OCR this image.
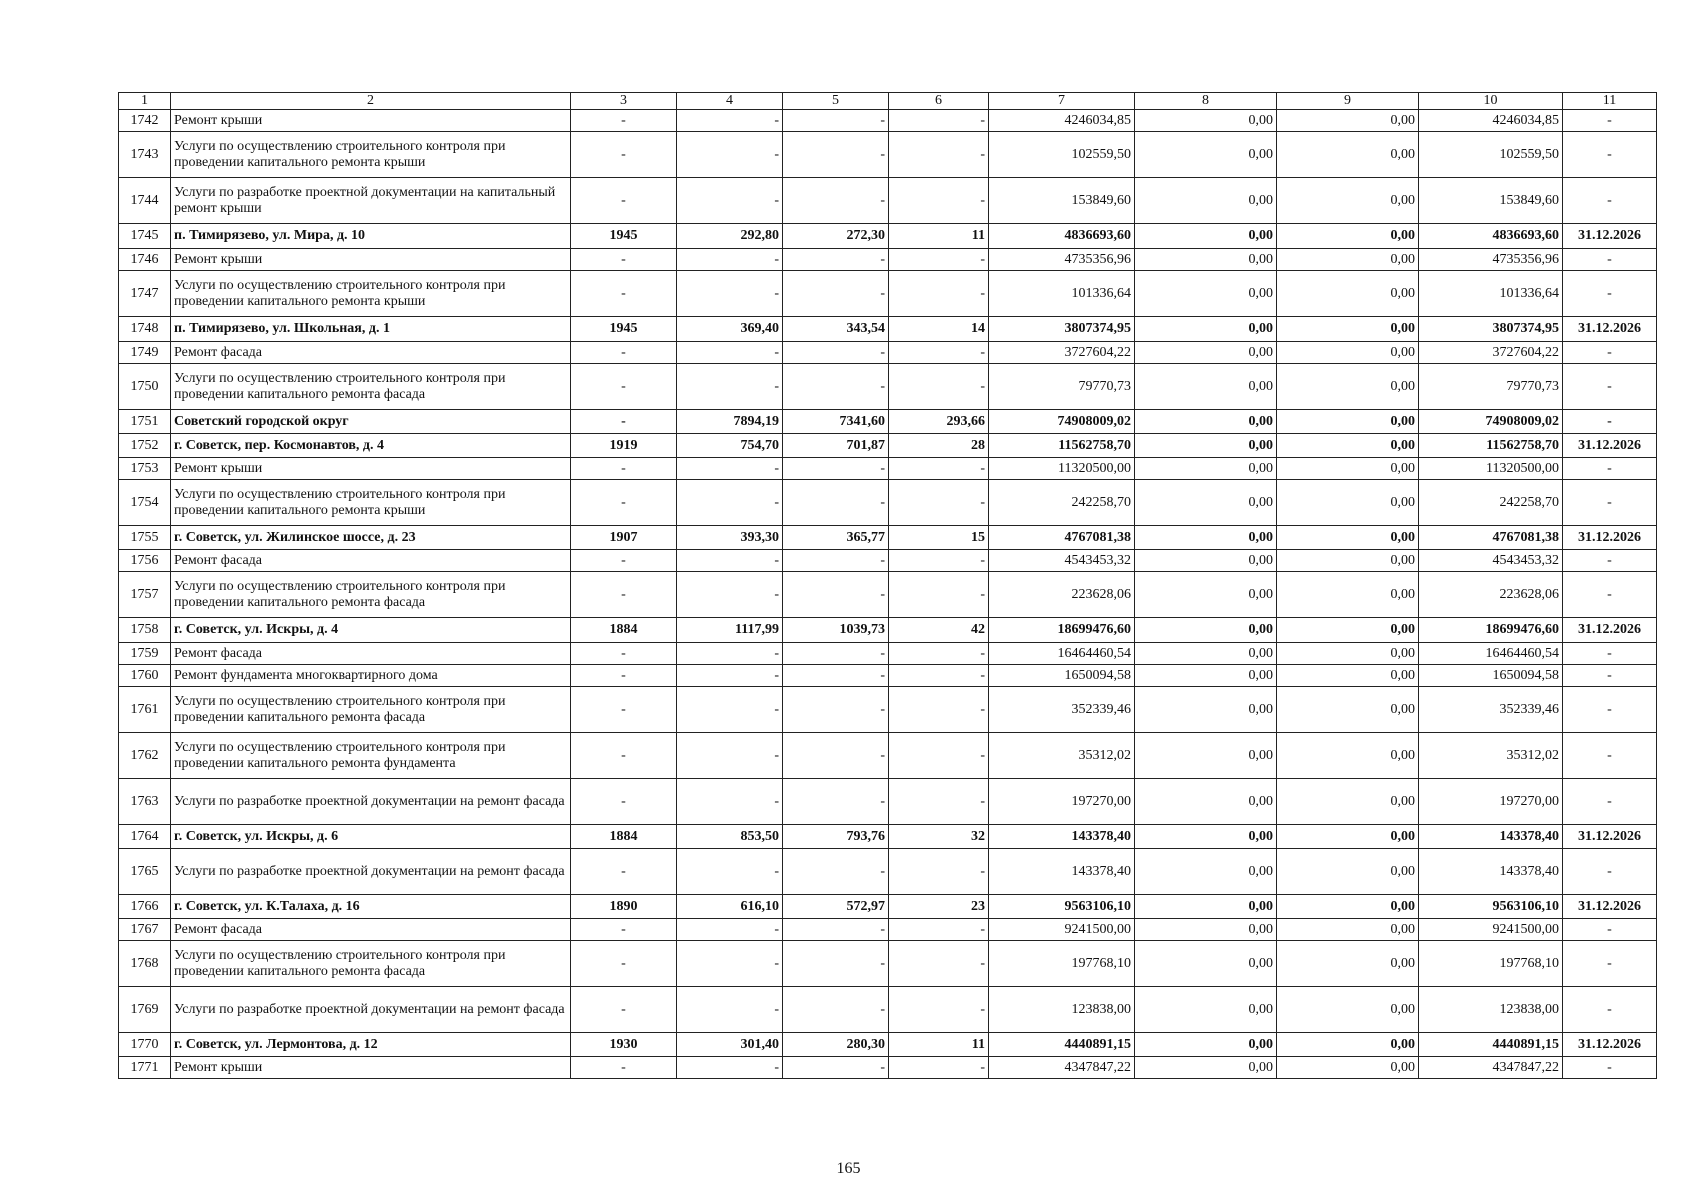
1	2	3	4	5	6	7	8	9	10	11
1742	Ремонт крыши	-	-	-	-	4246034,85	0,00	0,00	4246034,85	-
1743	Услуги по осуществлению строительного контроля при проведении капитального ремонта крыши	-	-	-	-	102559,50	0,00	0,00	102559,50	-
1744	Услуги по разработке проектной документации на капитальный ремонт крыши	-	-	-	-	153849,60	0,00	0,00	153849,60	-
1745	п. Тимирязево, ул. Мира, д. 10	1945	292,80	272,30	11	4836693,60	0,00	0,00	4836693,60	31.12.2026
1746	Ремонт крыши	-	-	-	-	4735356,96	0,00	0,00	4735356,96	-
1747	Услуги по осуществлению строительного контроля при проведении капитального ремонта крыши	-	-	-	-	101336,64	0,00	0,00	101336,64	-
1748	п. Тимирязево, ул. Школьная, д. 1	1945	369,40	343,54	14	3807374,95	0,00	0,00	3807374,95	31.12.2026
1749	Ремонт фасада	-	-	-	-	3727604,22	0,00	0,00	3727604,22	-
1750	Услуги по осуществлению строительного контроля при проведении капитального ремонта фасада	-	-	-	-	79770,73	0,00	0,00	79770,73	-
1751	Советский городской округ	-	7894,19	7341,60	293,66	74908009,02	0,00	0,00	74908009,02	-
1752	г. Советск, пер. Космонавтов, д. 4	1919	754,70	701,87	28	11562758,70	0,00	0,00	11562758,70	31.12.2026
1753	Ремонт крыши	-	-	-	-	11320500,00	0,00	0,00	11320500,00	-
1754	Услуги по осуществлению строительного контроля при проведении капитального ремонта крыши	-	-	-	-	242258,70	0,00	0,00	242258,70	-
1755	г. Советск, ул. Жилинское шоссе, д. 23	1907	393,30	365,77	15	4767081,38	0,00	0,00	4767081,38	31.12.2026
1756	Ремонт фасада	-	-	-	-	4543453,32	0,00	0,00	4543453,32	-
1757	Услуги по осуществлению строительного контроля при проведении капитального ремонта фасада	-	-	-	-	223628,06	0,00	0,00	223628,06	-
1758	г. Советск, ул. Искры, д. 4	1884	1117,99	1039,73	42	18699476,60	0,00	0,00	18699476,60	31.12.2026
1759	Ремонт фасада	-	-	-	-	16464460,54	0,00	0,00	16464460,54	-
1760	Ремонт фундамента многоквартирного дома	-	-	-	-	1650094,58	0,00	0,00	1650094,58	-
1761	Услуги по осуществлению строительного контроля при проведении капитального ремонта фасада	-	-	-	-	352339,46	0,00	0,00	352339,46	-
1762	Услуги по осуществлению строительного контроля при проведении капитального ремонта фундамента	-	-	-	-	35312,02	0,00	0,00	35312,02	-
1763	Услуги по разработке проектной документации на ремонт фасада	-	-	-	-	197270,00	0,00	0,00	197270,00	-
1764	г. Советск, ул. Искры, д. 6	1884	853,50	793,76	32	143378,40	0,00	0,00	143378,40	31.12.2026
1765	Услуги по разработке проектной документации на ремонт фасада	-	-	-	-	143378,40	0,00	0,00	143378,40	-
1766	г. Советск, ул. К.Талаха, д. 16	1890	616,10	572,97	23	9563106,10	0,00	0,00	9563106,10	31.12.2026
1767	Ремонт фасада	-	-	-	-	9241500,00	0,00	0,00	9241500,00	-
1768	Услуги по осуществлению строительного контроля при проведении капитального ремонта фасада	-	-	-	-	197768,10	0,00	0,00	197768,10	-
1769	Услуги по разработке проектной документации на ремонт фасада	-	-	-	-	123838,00	0,00	0,00	123838,00	-
1770	г. Советск, ул. Лермонтова, д. 12	1930	301,40	280,30	11	4440891,15	0,00	0,00	4440891,15	31.12.2026
1771	Ремонт крыши	-	-	-	-	4347847,22	0,00	0,00	4347847,22	-
165
